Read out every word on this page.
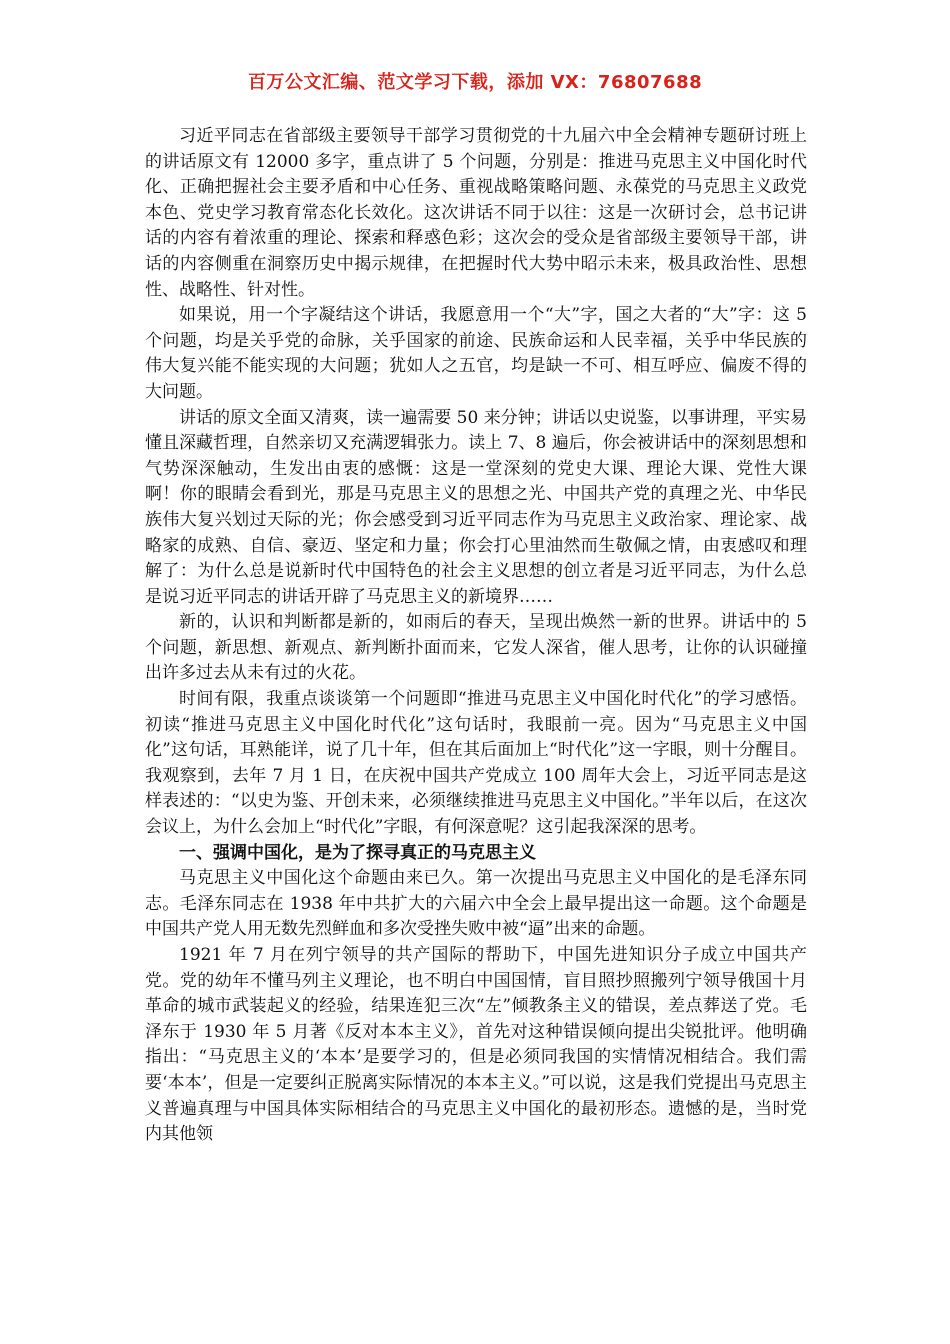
百万公文汇编、范文学习下载，添加 VX：76807688

习近平同志在省部级主要领导干部学习贯彻党的十九届六中全会精神专题研讨班上的讲话原文有 12000 多字，重点讲了 5 个问题，分别是：推进马克思主义中国化时代化、正确把握社会主要矛盾和中心任务、重视战略策略问题、永葆党的马克思主义政党本色、党史学习教育常态化长效化。这次讲话不同于以往：这是一次研讨会，总书记讲话的内容有着浓重的理论、探索和释惑色彩；这次会的受众是省部级主要领导干部，讲话的内容侧重在洞察历史中揭示规律，在把握时代大势中昭示未来，极具政治性、思想性、战略性、针对性。

如果说，用一个字凝结这个讲话，我愿意用一个“大”字，国之大者的“大”字：这 5 个问题，均是关乎党的命脉，关乎国家的前途、民族命运和人民幸福，关乎中华民族的伟大复兴能不能实现的大问题；犹如人之五官，均是缺一不可、相互呼应、偏废不得的大问题。

讲话的原文全面又清爽，读一遍需要 50 来分钟；讲话以史说鉴，以事讲理，平实易懂且深藏哲理，自然亲切又充满逻辑张力。读上 7、8 遍后，你会被讲话中的深刻思想和气势深深触动，生发出由衷的感慨：这是一堂深刻的党史大课、理论大课、党性大课啊！你的眼睛会看到光，那是马克思主义的思想之光、中国共产党的真理之光、中华民族伟大复兴划过天际的光；你会感受到习近平同志作为马克思主义政治家、理论家、战略家的成熟、自信、豪迈、坚定和力量；你会打心里油然而生敬佩之情，由衷感叹和理解了：为什么总是说新时代中国特色的社会主义思想的创立者是习近平同志，为什么总是说习近平同志的讲话开辟了马克思主义的新境界……

新的，认识和判断都是新的，如雨后的春天，呈现出焕然一新的世界。讲话中的 5 个问题，新思想、新观点、新判断扑面而来，它发人深省，催人思考，让你的认识碰撞出许多过去从未有过的火花。

时间有限，我重点谈谈第一个问题即“推进马克思主义中国化时代化”的学习感悟。初读“推进马克思主义中国化时代化”这句话时，我眼前一亮。因为“马克思主义中国化”这句话，耳熟能详，说了几十年，但在其后面加上“时代化”这一字眼，则十分醒目。我观察到，去年 7 月 1 日，在庆祝中国共产党成立 100 周年大会上，习近平同志是这样表述的：“以史为鉴、开创未来，必须继续推进马克思主义中国化。”半年以后，在这次会议上，为什么会加上“时代化”字眼，有何深意呢？这引起我深深的思考。

一、强调中国化，是为了探寻真正的马克思主义

马克思主义中国化这个命题由来已久。第一次提出马克思主义中国化的是毛泽东同志。毛泽东同志在 1938 年中共扩大的六届六中全会上最早提出这一命题。这个命题是中国共产党人用无数先烈鲜血和多次受挫失败中被“逼”出来的命题。

1921 年 7 月在列宁领导的共产国际的帮助下，中国先进知识分子成立中国共产党。党的幼年不懂马列主义理论，也不明白中国国情，盲目照抄照搬列宁领导俄国十月革命的城市武装起义的经验，结果连犯三次“左”倾教条主义的错误，差点葬送了党。毛泽东于 1930 年 5 月著《反对本本主义》，首先对这种错误倾向提出尖锐批评。他明确指出：“马克思主义的‘本本’是要学习的，但是必须同我国的实情情况相结合。我们需要‘本本’，但是一定要纠正脱离实际情况的本本主义。”可以说，这是我们党提出马克思主义普遍真理与中国具体实际相结合的马克思主义中国化的最初形态。遗憾的是，当时党内其他领
